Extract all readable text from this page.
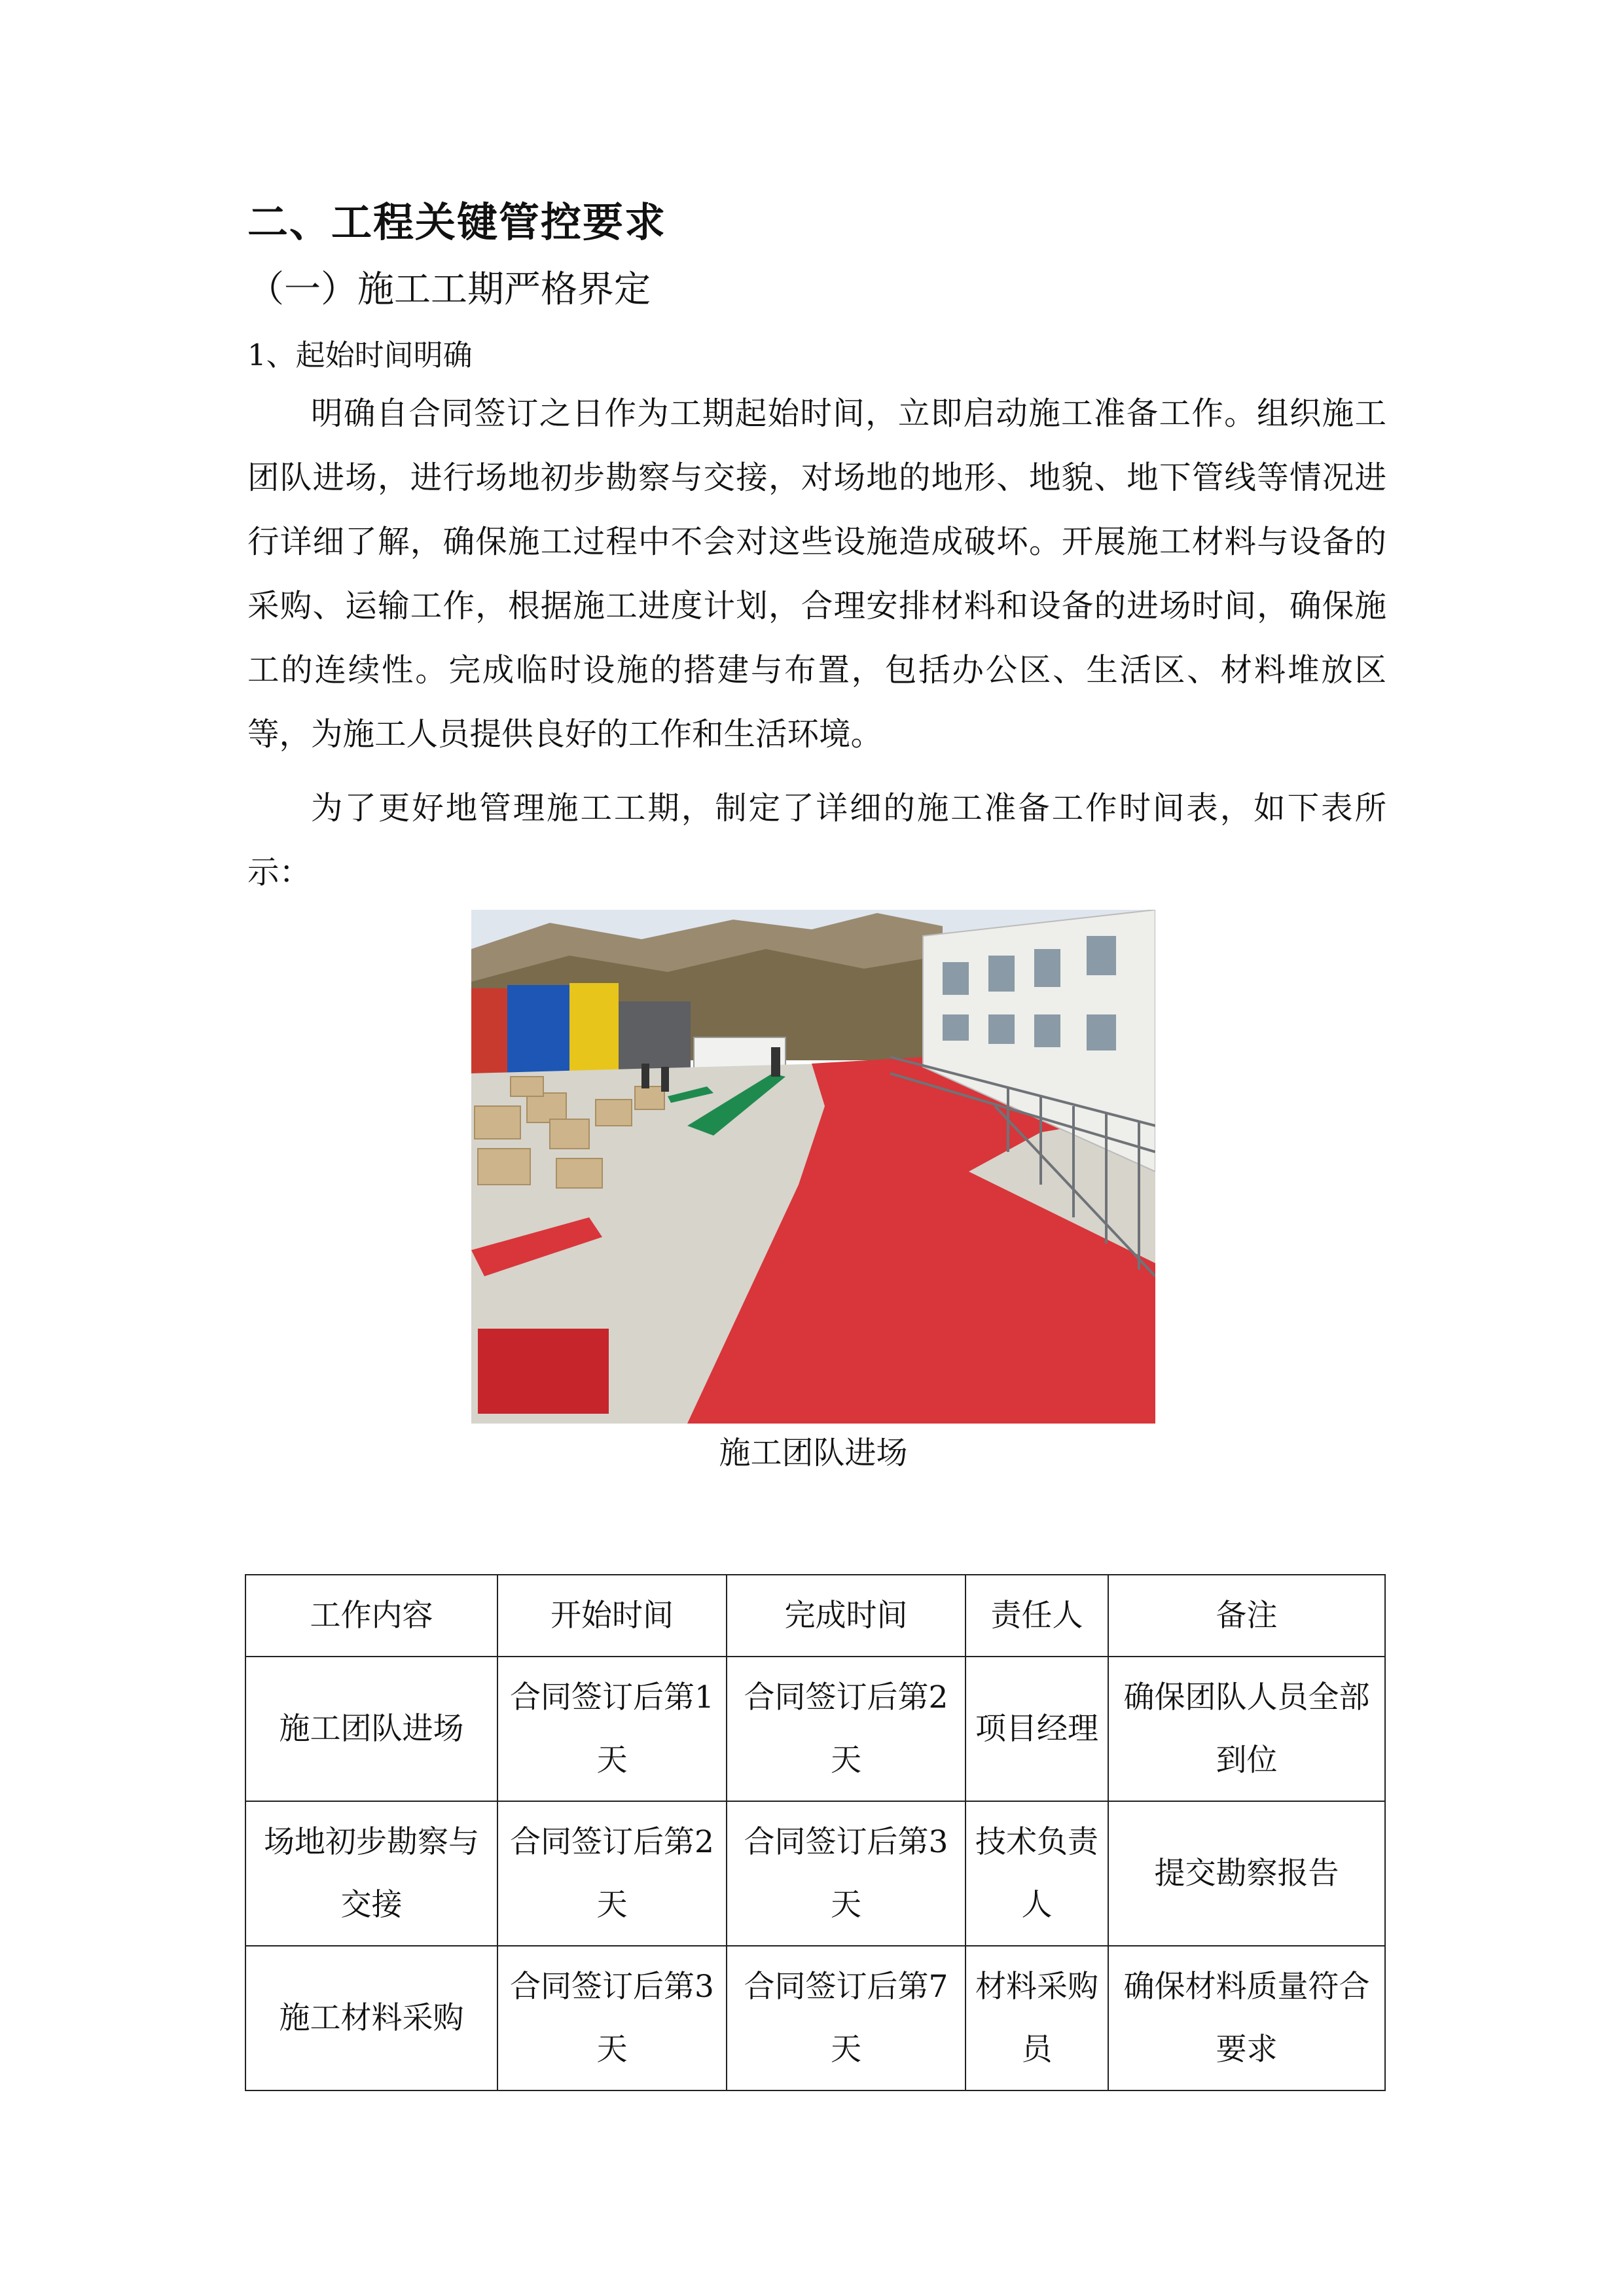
二、工程关键管控要求
（一）施工工期严格界定
1、起始时间明确

明确自合同签订之日作为工期起始时间，立即启动施工准备工作。组织施工团队进场，进行场地初步勘察与交接，对场地的地形、地貌、地下管线等情况进行详细了解，确保施工过程中不会对这些设施造成破坏。开展施工材料与设备的采购、运输工作，根据施工进度计划，合理安排材料和设备的进场时间，确保施工的连续性。完成临时设施的搭建与布置，包括办公区、生活区、材料堆放区等，为施工人员提供良好的工作和生活环境。

为了更好地管理施工工期，制定了详细的施工准备工作时间表，如下表所示：

施工团队进场
工作内容	开始时间	完成时间	责任人	备注
施工团队进场	合同签订后第1天	合同签订后第2天	项目经理	确保团队人员全部到位
场地初步勘察与交接	合同签订后第2天	合同签订后第3天	技术负责人	提交勘察报告
施工材料采购	合同签订后第3天	合同签订后第7天	材料采购员	确保材料质量符合要求
